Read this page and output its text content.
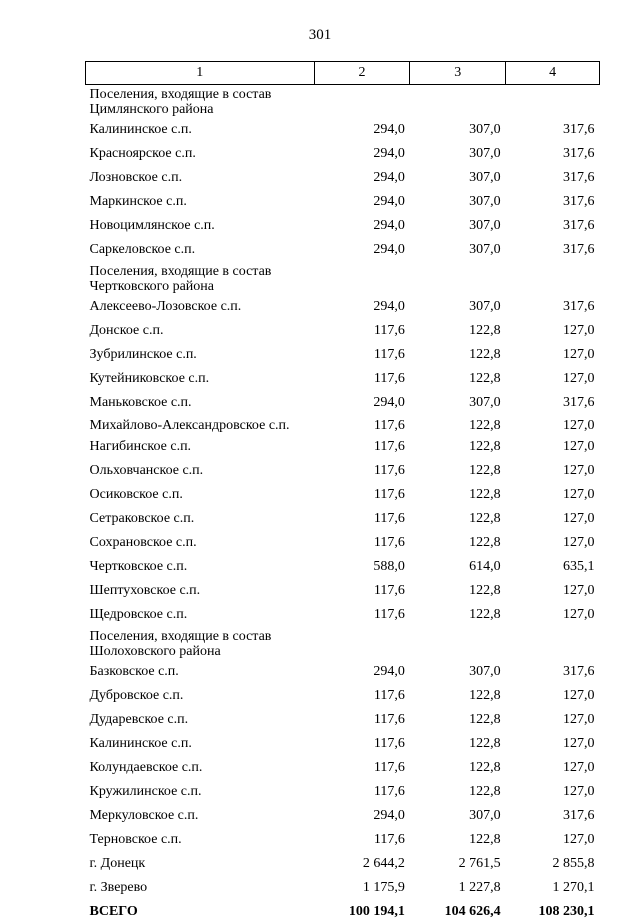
301
1	2	3	4
Поселения, входящие в состав Цимлянского района			
Калининское с.п.	294,0	307,0	317,6
Красноярское с.п.	294,0	307,0	317,6
Лозновское с.п.	294,0	307,0	317,6
Маркинское с.п.	294,0	307,0	317,6
Новоцимлянское с.п.	294,0	307,0	317,6
Саркеловское с.п.	294,0	307,0	317,6
Поселения, входящие в состав Чертковского района			
Алексеево-Лозовское с.п.	294,0	307,0	317,6
Донское с.п.	117,6	122,8	127,0
Зубрилинское с.п.	117,6	122,8	127,0
Кутейниковское с.п.	117,6	122,8	127,0
Маньковское с.п.	294,0	307,0	317,6
Михайлово-Александровское с.п.	117,6	122,8	127,0
Нагибинское с.п.	117,6	122,8	127,0
Ольховчанское с.п.	117,6	122,8	127,0
Осиковское с.п.	117,6	122,8	127,0
Сетраковское с.п.	117,6	122,8	127,0
Сохрановское с.п.	117,6	122,8	127,0
Чертковское с.п.	588,0	614,0	635,1
Шептуховское с.п.	117,6	122,8	127,0
Щедровское с.п.	117,6	122,8	127,0
Поселения, входящие в состав Шолоховского района			
Базковское с.п.	294,0	307,0	317,6
Дубровское с.п.	117,6	122,8	127,0
Дударевское с.п.	117,6	122,8	127,0
Калининское с.п.	117,6	122,8	127,0
Колундаевское с.п.	117,6	122,8	127,0
Кружилинское с.п.	117,6	122,8	127,0
Меркуловское с.п.	294,0	307,0	317,6
Терновское с.п.	117,6	122,8	127,0
г. Донецк	2 644,2	2 761,5	2 855,8
г. Зверево	1 175,9	1 227,8	1 270,1
ВСЕГО	100 194,1	104 626,4	108 230,1
